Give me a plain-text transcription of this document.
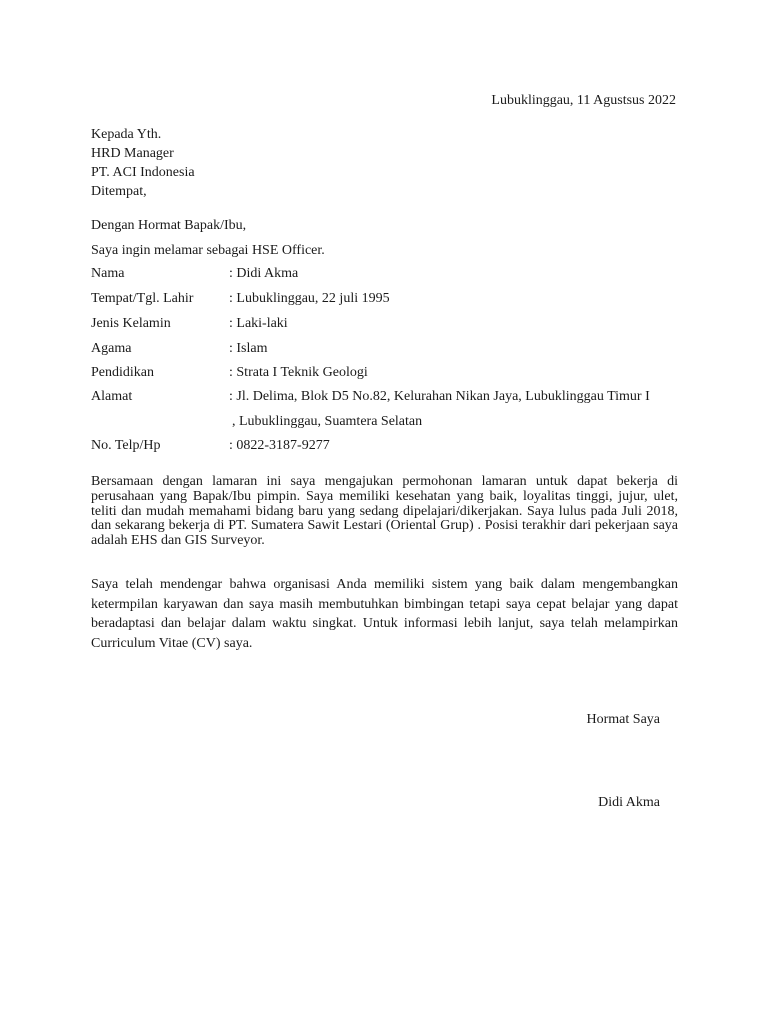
Lubuklinggau, 11 Agustsus 2022
Kepada Yth.
HRD Manager
PT. ACI Indonesia
Ditempat,
Dengan Hormat Bapak/Ibu,
Saya ingin melamar sebagai HSE Officer.
Nama	: Didi Akma
Tempat/Tgl. Lahir	: Lubuklinggau, 22 juli 1995
Jenis Kelamin	: Laki-laki
Agama	: Islam
Pendidikan	: Strata I Teknik Geologi
Alamat	: Jl. Delima, Blok D5 No.82, Kelurahan Nikan Jaya, Lubuklinggau Timur I
, Lubuklinggau, Suamtera Selatan
No. Telp/Hp	: 0822-3187-9277
Bersamaan dengan lamaran ini saya mengajukan permohonan lamaran untuk dapat bekerja di perusahaan yang Bapak/Ibu pimpin. Saya memiliki kesehatan yang baik, loyalitas tinggi, jujur, ulet, teliti dan mudah memahami bidang baru yang sedang dipelajari/dikerjakan. Saya lulus pada Juli 2018, dan sekarang bekerja di PT. Sumatera Sawit Lestari (Oriental Grup) . Posisi terakhir dari pekerjaan saya adalah EHS dan GIS Surveyor.
Saya telah mendengar bahwa organisasi Anda memiliki sistem yang baik dalam mengembangkan ketermpilan karyawan dan saya masih membutuhkan bimbingan tetapi saya cepat belajar yang dapat beradaptasi dan belajar dalam waktu singkat. Untuk informasi lebih lanjut, saya telah melampirkan Curriculum Vitae (CV) saya.
Hormat Saya
Didi Akma
